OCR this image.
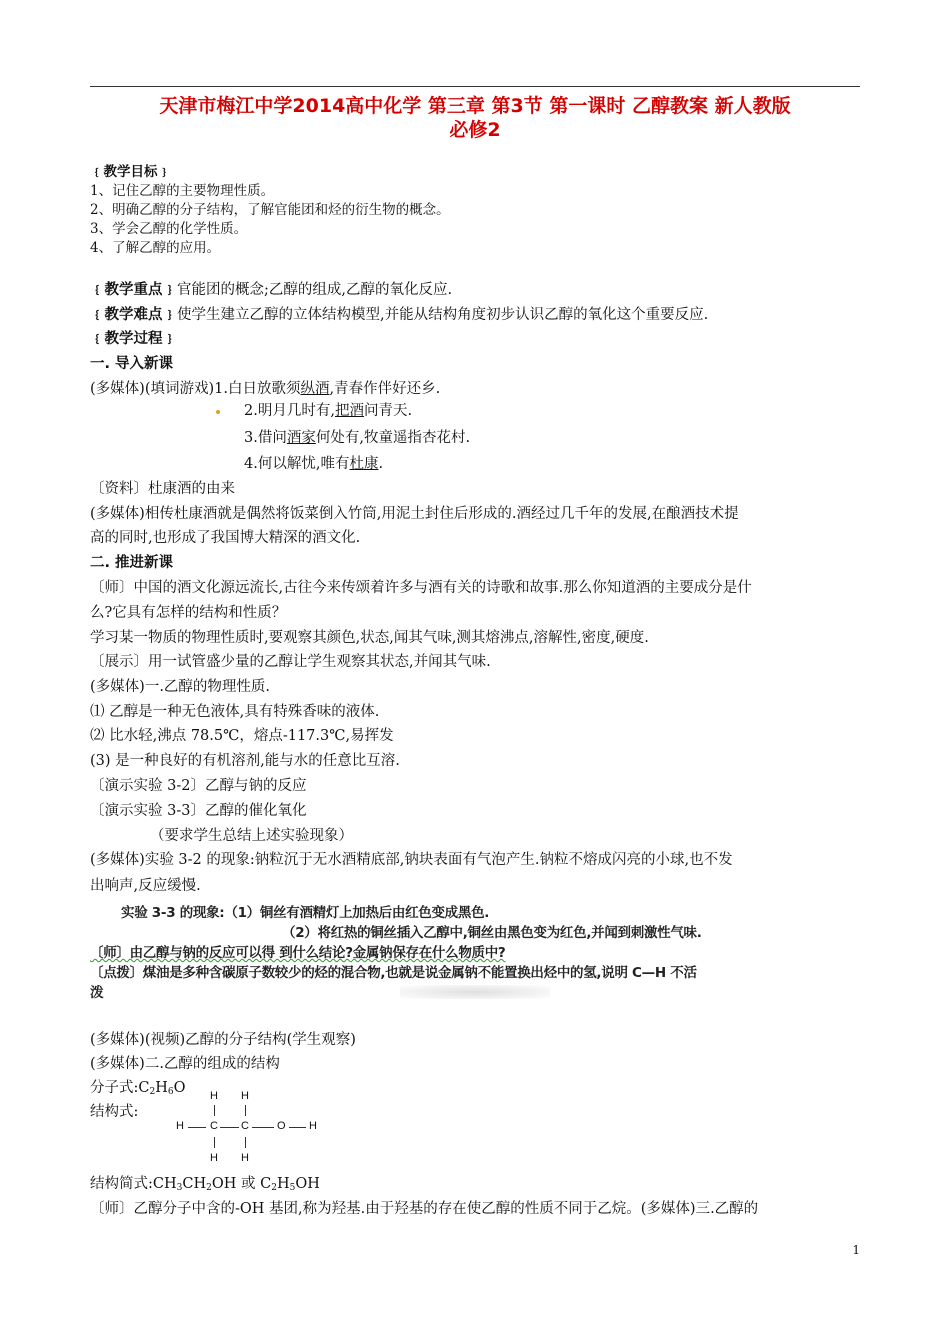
天津市梅江中学2014高中化学 第三章 第3节 第一课时 乙醇教案 新人教版
必修2
﹛教学目标﹜
1、记住乙醇的主要物理性质。
2、明确乙醇的分子结构，了解官能团和烃的衍生物的概念。
3、学会乙醇的化学性质。
4、了解乙醇的应用。
﹛教学重点﹜官能团的概念;乙醇的组成,乙醇的氧化反应.
﹛教学难点﹜使学生建立乙醇的立体结构模型,并能从结构角度初步认识乙醇的氧化这个重要反应.
﹛教学过程﹜
一. 导入新课
(多媒体)(填词游戏)1.白日放歌须纵酒,青春作伴好还乡.
2.明月几时有,把酒问青天.
3.借问酒家何处有,牧童遥指杏花村.
4.何以解忧,唯有杜康.
〔资料〕杜康酒的由来
(多媒体)相传杜康酒就是偶然将饭菜倒入竹筒,用泥土封住后形成的.酒经过几千年的发展,在酿酒技术提
高的同时,也形成了我国博大精深的酒文化.
二. 推进新课
〔师〕中国的酒文化源远流长,古往今来传颂着许多与酒有关的诗歌和故事.那么你知道酒的主要成分是什
么?它具有怎样的结构和性质？
学习某一物质的物理性质时,要观察其颜色,状态,闻其气味,测其熔沸点,溶解性,密度,硬度.
〔展示〕用一试管盛少量的乙醇让学生观察其状态,并闻其气味.
(多媒体)一.乙醇的物理性质.
⑴ 乙醇是一种无色液体,具有特殊香味的液体.
⑵ 比水轻,沸点 78.5℃，熔点-117.3℃,易挥发
(3) 是一种良好的有机溶剂,能与水的任意比互溶.
〔演示实验 3-2〕乙醇与钠的反应
〔演示实验 3-3〕乙醇的催化氧化
（要求学生总结上述实验现象）
(多媒体)实验 3-2 的现象:钠粒沉于无水酒精底部,钠块表面有气泡产生.钠粒不熔成闪亮的小球,也不发
出响声,反应缓慢.
实验 3-3 的现象:（1）铜丝有酒精灯上加热后由红色变成黑色.
（2）将红热的铜丝插入乙醇中,铜丝由黑色变为红色,并闻到刺激性气味.
〔师〕由乙醇与钠的反应可以得 到什么结论?金属钠保存在什么物质中?
〔点拨〕煤油是多种含碳原子数较少的烃的混合物,也就是说金属钠不能置换出烃中的氢,说明 C—H 不活
泼
(多媒体)(视频)乙醇的分子结构(学生观察)
(多媒体)二.乙醇的组成的结构
分子式$:C_2H_6O$
结构式:
H H
H C C	O H
H H
结构简式$:CH_3CH_2OH$ 或 $C_2H_5OH$
〔师〕乙醇分子中含的-OH 基团,称为羟基.由于羟基的存在使乙醇的性质不同于乙烷。(多媒体)三.乙醇的
1
